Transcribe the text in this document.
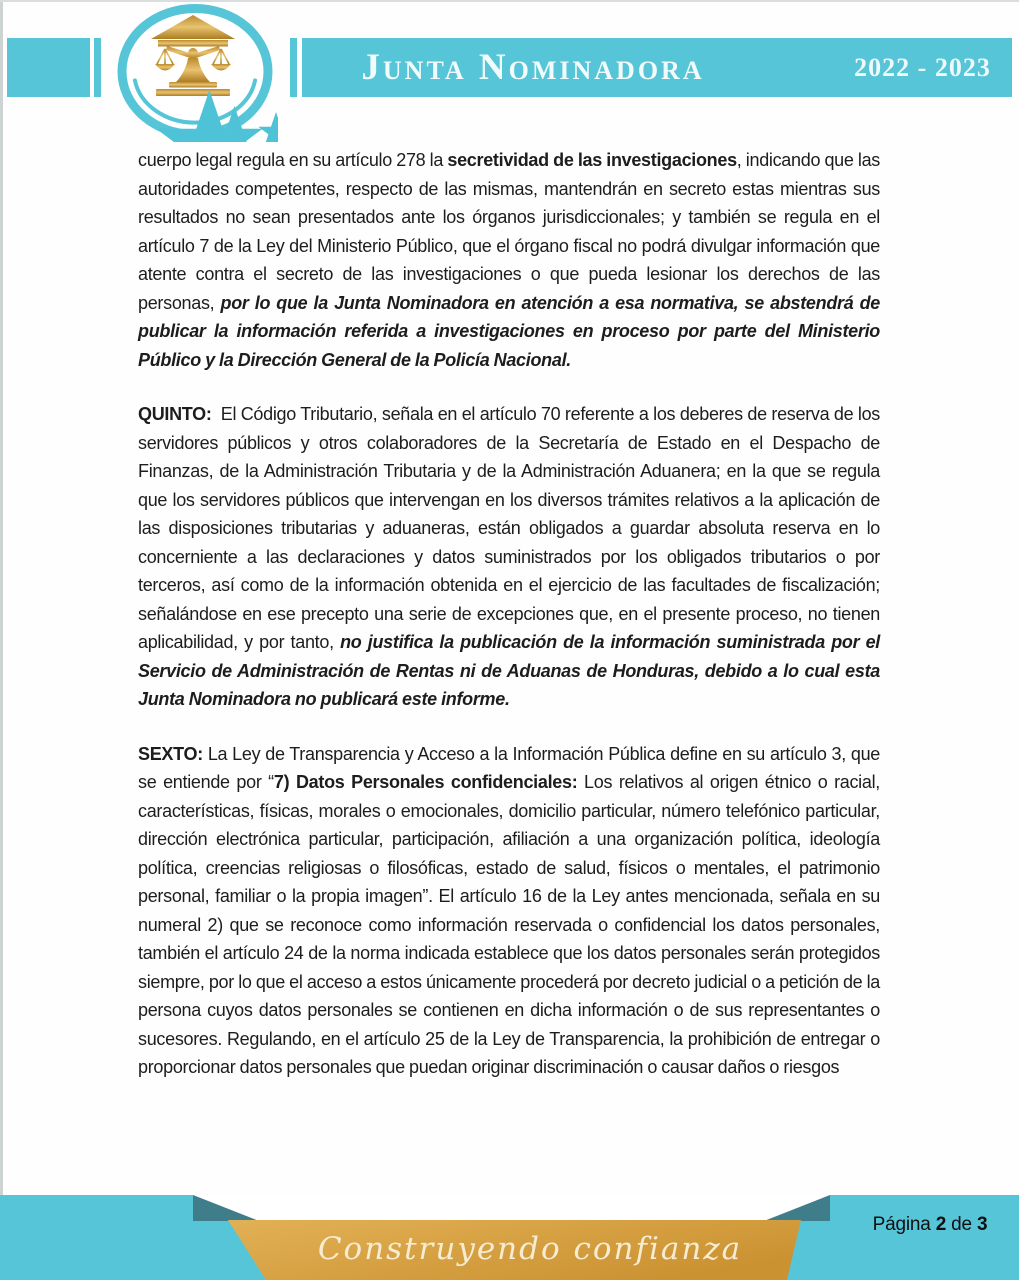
Junta Nominadora	2022 - 2023

cuerpo legal regula en su artículo 278 la secretividad de las investigaciones, indicando que las autoridades competentes, respecto de las mismas, mantendrán en secreto estas mientras sus resultados no sean presentados ante los órganos jurisdiccionales; y también se regula en el artículo 7 de la Ley del Ministerio Público, que el órgano fiscal no podrá divulgar información que atente contra el secreto de las investigaciones o que pueda lesionar los derechos de las personas, por lo que la Junta Nominadora en atención a esa normativa, se abstendrá de publicar la información referida a investigaciones en proceso por parte del Ministerio Público y la Dirección General de la Policía Nacional.

QUINTO:  El Código Tributario, señala en el artículo 70 referente a los deberes de reserva de los servidores públicos y otros colaboradores de la Secretaría de Estado en el Despacho de Finanzas, de la Administración Tributaria y de la Administración Aduanera; en la que se regula que los servidores públicos que intervengan en los diversos trámites relativos a la aplicación de las disposiciones tributarias y aduaneras, están obligados a guardar absoluta reserva en lo concerniente a las declaraciones y datos suministrados por los obligados tributarios o por terceros, así como de la información obtenida en el ejercicio de las facultades de fiscalización; señalándose en ese precepto una serie de excepciones que, en el presente proceso, no tienen aplicabilidad, y por tanto, no justifica la publicación de la información suministrada por el Servicio de Administración de Rentas ni de Aduanas de Honduras, debido a lo cual esta Junta Nominadora no publicará este informe.

SEXTO: La Ley de Transparencia y Acceso a la Información Pública define en su artículo 3, que se entiende por “7) Datos Personales confidenciales: Los relativos al origen étnico o racial, características, físicas, morales o emocionales, domicilio particular, número telefónico particular, dirección electrónica particular, participación, afiliación a una organización política, ideología política, creencias religiosas o filosóficas, estado de salud, físicos o mentales, el patrimonio personal, familiar o la propia imagen”. El artículo 16 de la Ley antes mencionada, señala en su numeral 2) que se reconoce como información reservada o confidencial los datos personales, también el artículo 24 de la norma indicada establece que los datos personales serán protegidos siempre, por lo que el acceso a estos únicamente procederá por decreto judicial o a petición de la persona cuyos datos personales se contienen en dicha información o de sus representantes o sucesores. Regulando, en el artículo 25 de la Ley de Transparencia, la prohibición de entregar o proporcionar datos personales que puedan originar discriminación o causar daños o riesgos

Construyendo confianza
Página 2 de 3
